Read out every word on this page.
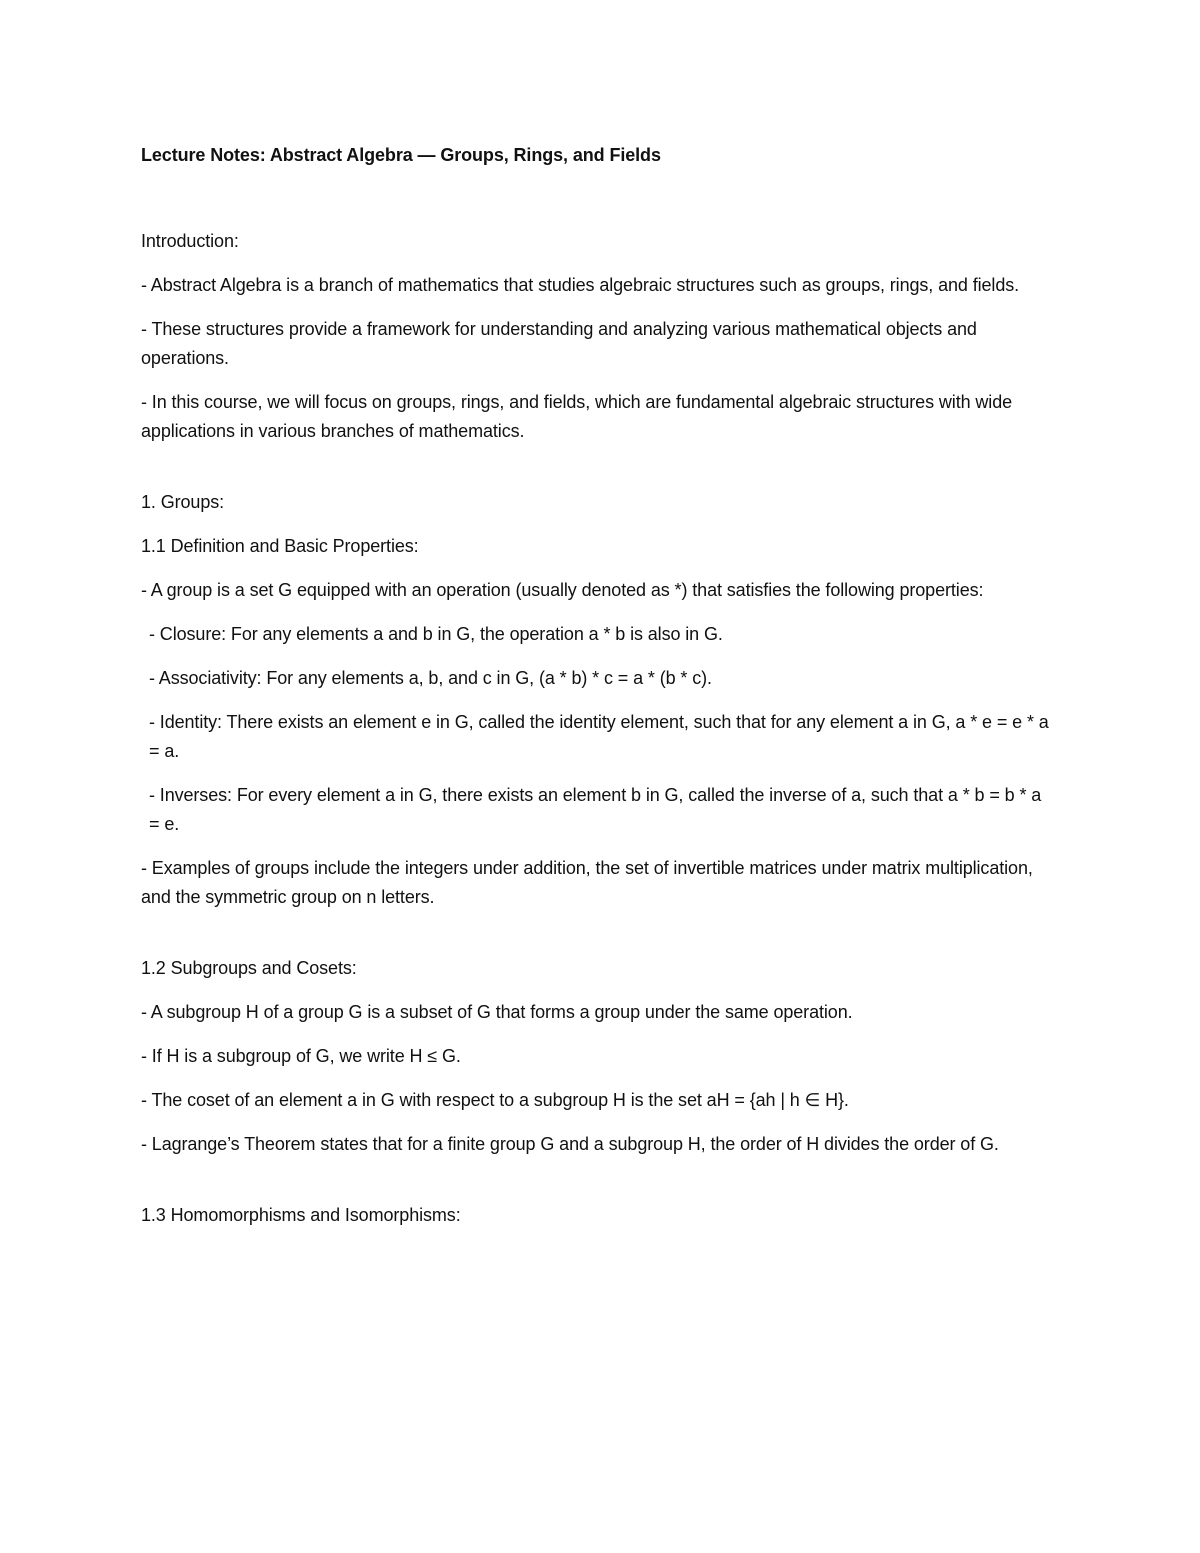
Lecture Notes: Abstract Algebra — Groups, Rings, and Fields
Introduction:
- Abstract Algebra is a branch of mathematics that studies algebraic structures such as groups, rings, and fields.
- These structures provide a framework for understanding and analyzing various mathematical objects and operations.
- In this course, we will focus on groups, rings, and fields, which are fundamental algebraic structures with wide applications in various branches of mathematics.
1. Groups:
1.1 Definition and Basic Properties:
- A group is a set G equipped with an operation (usually denoted as *) that satisfies the following properties:
- Closure: For any elements a and b in G, the operation a * b is also in G.
- Associativity: For any elements a, b, and c in G, (a * b) * c = a * (b * c).
- Identity: There exists an element e in G, called the identity element, such that for any element a in G, a * e = e * a = a.
- Inverses: For every element a in G, there exists an element b in G, called the inverse of a, such that a * b = b * a = e.
- Examples of groups include the integers under addition, the set of invertible matrices under matrix multiplication, and the symmetric group on n letters.
1.2 Subgroups and Cosets:
- A subgroup H of a group G is a subset of G that forms a group under the same operation.
- If H is a subgroup of G, we write H ≤ G.
- The coset of an element a in G with respect to a subgroup H is the set aH = {ah | h ∈ H}.
- Lagrange’s Theorem states that for a finite group G and a subgroup H, the order of H divides the order of G.
1.3 Homomorphisms and Isomorphisms:
